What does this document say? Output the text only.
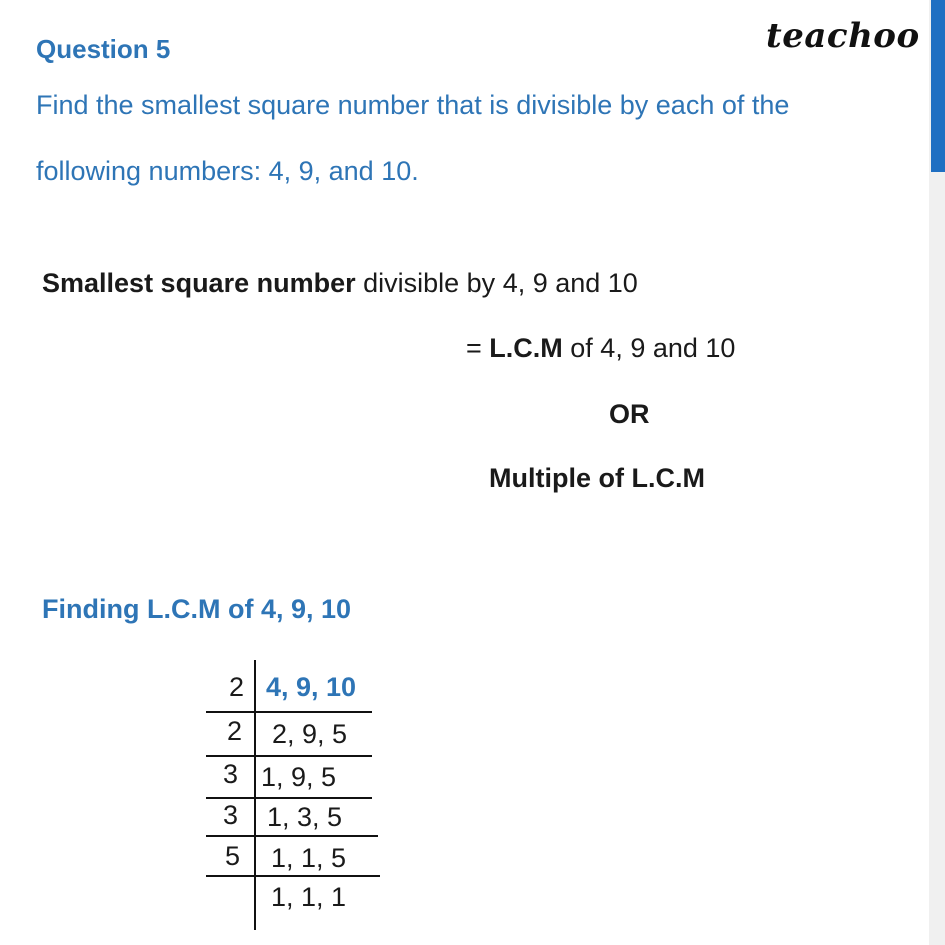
teachoo
Question 5
Find the smallest square number that is divisible by each of the
following numbers: 4, 9, and 10.
Smallest square number divisible by 4, 9 and 10
= L.C.M of 4, 9 and 10
OR
Multiple of L.C.M
Finding L.C.M of 4, 9, 10
2 4, 9, 10
2 2, 9, 5
3 1, 9, 5
3 1, 3, 5
5 1, 1, 5
1, 1, 1
